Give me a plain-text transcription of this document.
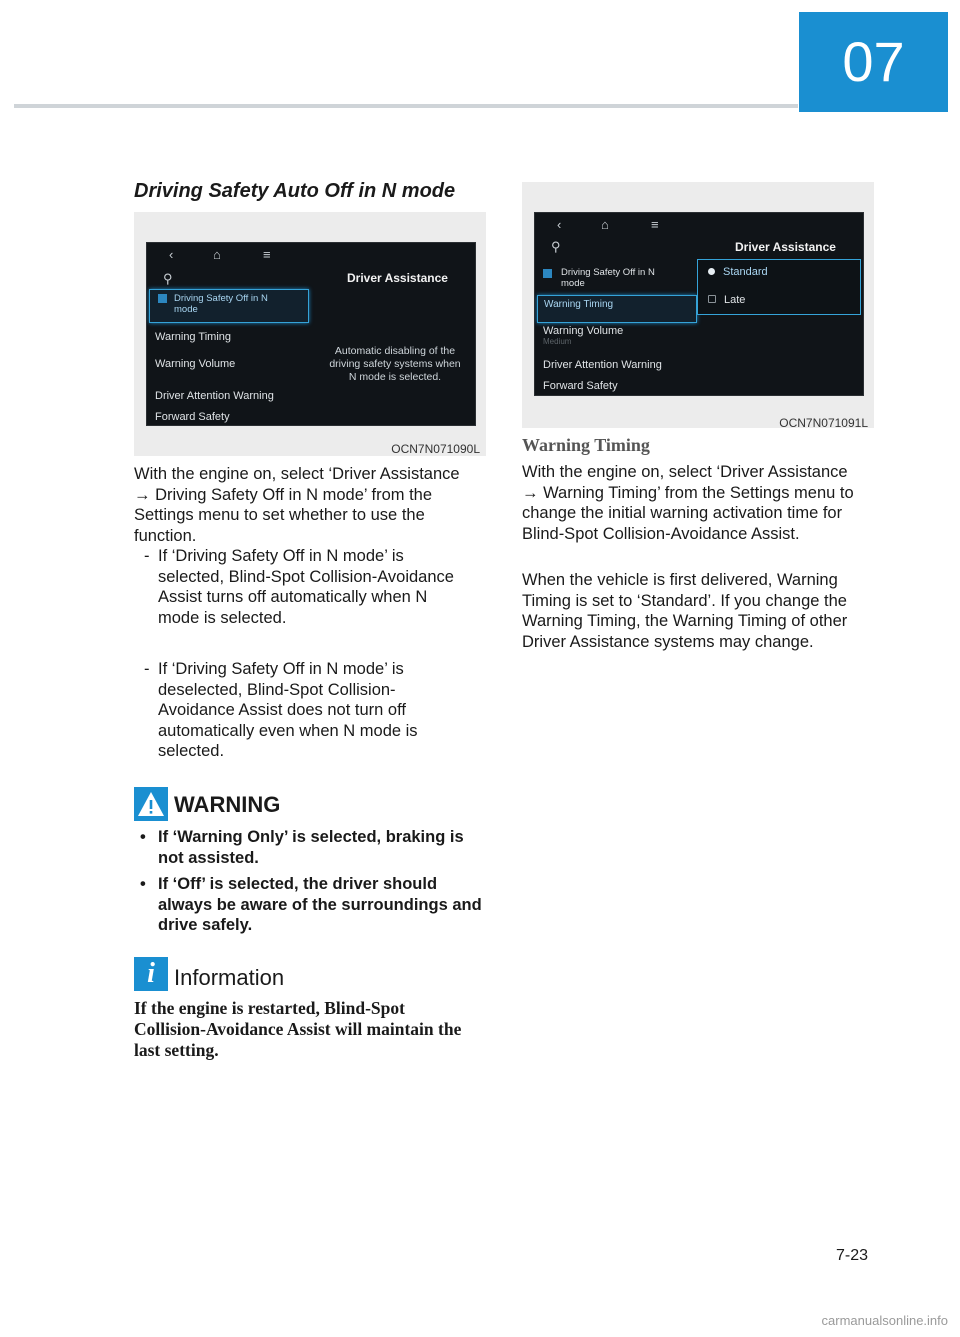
07
Driving Safety Auto Off in N mode
‹	⌂	≡
⚲	Driver Assistance
Driving Safety Off in N mode
Warning Timing
Warning Volume
Driver Attention Warning
Forward Safety
Automatic disabling of the driving safety systems when N mode is selected.
OCN7N071090L
With the engine on, select ‘Driver Assistance → Driving Safety Off in N mode’ from the Settings menu to set whether to use the function.
- If ‘Driving Safety Off in N mode’ is selected, Blind-Spot Collision-Avoidance Assist turns off automatically when N mode is selected.
- If ‘Driving Safety Off in N mode’ is deselected, Blind-Spot Collision-Avoidance Assist does not turn off automatically even when N mode is selected.
WARNING
• If ‘Warning Only’ is selected, braking is not assisted.
• If ‘Off’ is selected, the driver should always be aware of the surroundings and drive safely.
i Information
If the engine is restarted, Blind-Spot Collision-Avoidance Assist will maintain the last setting.
‹	⌂	≡
⚲	Driver Assistance
Driving Safety Off in N mode
Warning Timing
Warning Volume
Medium
Driver Attention Warning
Forward Safety
Standard
Late
OCN7N071091L
Warning Timing
With the engine on, select ‘Driver Assistance → Warning Timing’ from the Settings menu to change the initial warning activation time for Blind-Spot Collision-Avoidance Assist.
When the vehicle is first delivered, Warning Timing is set to ‘Standard’. If you change the Warning Timing, the Warning Timing of other Driver Assistance systems may change.
7-23
carmanualsonline.info
